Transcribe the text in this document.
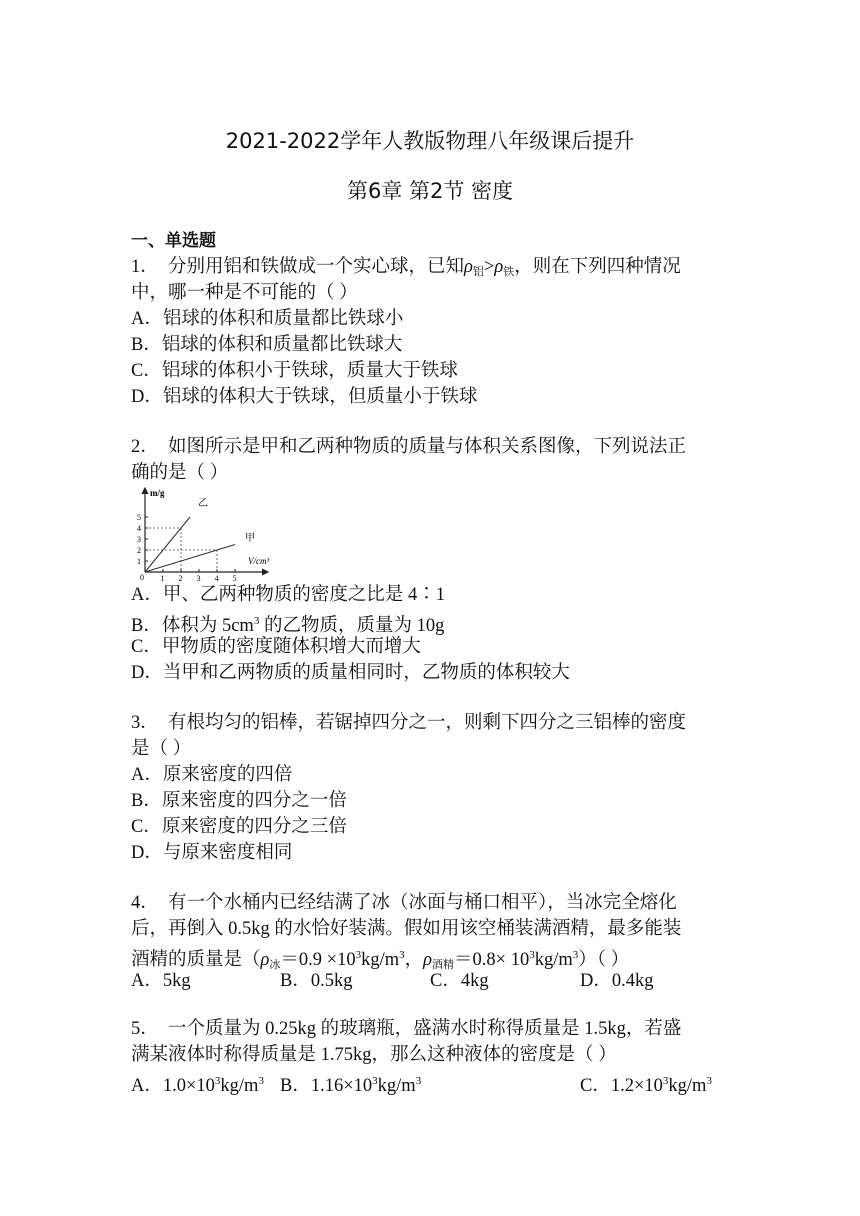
2021-2022学年人教版物理八年级课后提升
第6章 第2节 密度
一、单选题
1． 分别用铝和铁做成一个实心球，已知$\rho_铝>\rho_铁$，则在下列四种情况
中，哪一种是不可能的（ ）
A．铝球的体积和质量都比铁球小
B．铝球的体积和质量都比铁球大
C．铝球的体积小于铁球，质量大于铁球
D．铝球的体积大于铁球，但质量小于铁球
2． 如图所示是甲和乙两种物质的质量与体积关系图像，下列说法正
确的是（ ）
1 2 3 4 5
1
2
3
4
5
m/g
V/cm³
0
乙
甲
A．甲、乙两种物质的密度之比是 4∶1
B．体积为 $5cm^3$ 的乙物质，质量为 10g
C．甲物质的密度随体积增大而增大
D．当甲和乙两物质的质量相同时，乙物质的体积较大
3． 有根均匀的铝棒，若锯掉四分之一，则剩下四分之三铝棒的密度
是（ ）
A．原来密度的四倍
B．原来密度的四分之一倍
C．原来密度的四分之三倍
D．与原来密度相同
4． 有一个水桶内已经结满了冰（冰面与桶口相平），当冰完全熔化
后，再倒入 0.5kg 的水恰好装满。假如用该空桶装满酒精，最多能装
酒精的质量是（$\rho_冰=0.9 \times 10^3kg/m^3$，$\rho_{酒精}=0.8\times 10^3kg/m^3$）（ ）
A．5kg	B．0.5kg	C．4kg	D．0.4kg
5． 一个质量为 0.25kg 的玻璃瓶，盛满水时称得质量是 1.5kg，若盛
满某液体时称得质量是 1.75kg，那么这种液体的密度是（ ）
A．$1.0\times 10^3kg/m^3$ B．$1.16\times 10^3kg/m^3$	C．$1.2\times 10^3kg/m^3$
